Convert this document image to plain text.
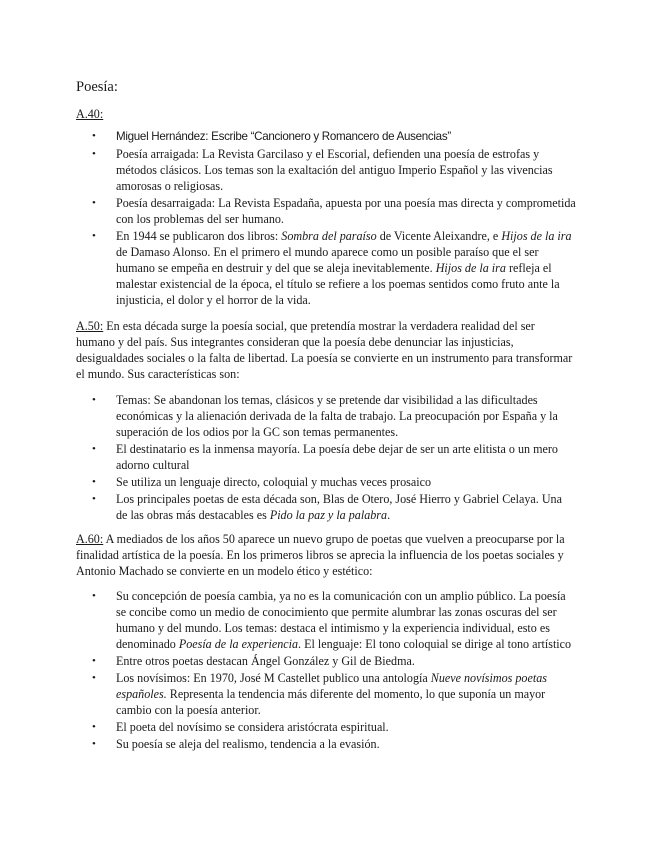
Poesía:
A.40:
• Miguel Hernández: Escribe “Cancionero y Romancero de Ausencias”
• Poesía arraigada: La Revista Garcilaso y el Escorial, defienden una poesía de estrofas y métodos clásicos. Los temas son la exaltación del antiguo Imperio Español y las vivencias amorosas o religiosas.
• Poesía desarraigada: La Revista Espadaña, apuesta por una poesía mas directa y comprometida con los problemas del ser humano.
• En 1944 se publicaron dos libros: Sombra del paraíso de Vicente Aleixandre, e Hijos de la ira de Damaso Alonso. En el primero el mundo aparece como un posible paraíso que el ser humano se empeña en destruir y del que se aleja inevitablemente. Hijos de la ira refleja el malestar existencial de la época, el título se refiere a los poemas sentidos como fruto ante la injusticia, el dolor y el horror de la vida.
A.50: En esta década surge la poesía social, que pretendía mostrar la verdadera realidad del ser humano y del país. Sus integrantes consideran que la poesía debe denunciar las injusticias, desigualdades sociales o la falta de libertad. La poesía se convierte en un instrumento para transformar el mundo. Sus características son:
• Temas: Se abandonan los temas, clásicos y se pretende dar visibilidad a las dificultades económicas y la alienación derivada de la falta de trabajo. La preocupación por España y la superación de los odios por la GC son temas permanentes.
• El destinatario es la inmensa mayoría. La poesía debe dejar de ser un arte elitista o un mero adorno cultural
• Se utiliza un lenguaje directo, coloquial y muchas veces prosaico
• Los principales poetas de esta década son, Blas de Otero, José Hierro y Gabriel Celaya. Una de las obras más destacables es Pido la paz y la palabra.
A.60: A mediados de los años 50 aparece un nuevo grupo de poetas que vuelven a preocuparse por la finalidad artística de la poesía. En los primeros libros se aprecia la influencia de los poetas sociales y Antonio Machado se convierte en un modelo ético y estético:
• Su concepción de poesía cambia, ya no es la comunicación con un amplio público. La poesía se concibe como un medio de conocimiento que permite alumbrar las zonas oscuras del ser humano y del mundo. Los temas: destaca el intimismo y la experiencia individual, esto es denominado Poesía de la experiencia. El lenguaje: El tono coloquial se dirige al tono artístico
• Entre otros poetas destacan Ángel González y Gil de Biedma.
• Los novísimos: En 1970, José M Castellet publico una antología Nueve novísimos poetas españoles. Representa la tendencia más diferente del momento, lo que suponía un mayor cambio con la poesía anterior.
• El poeta del novísimo se considera aristócrata espiritual.
• Su poesía se aleja del realismo, tendencia a la evasión.
